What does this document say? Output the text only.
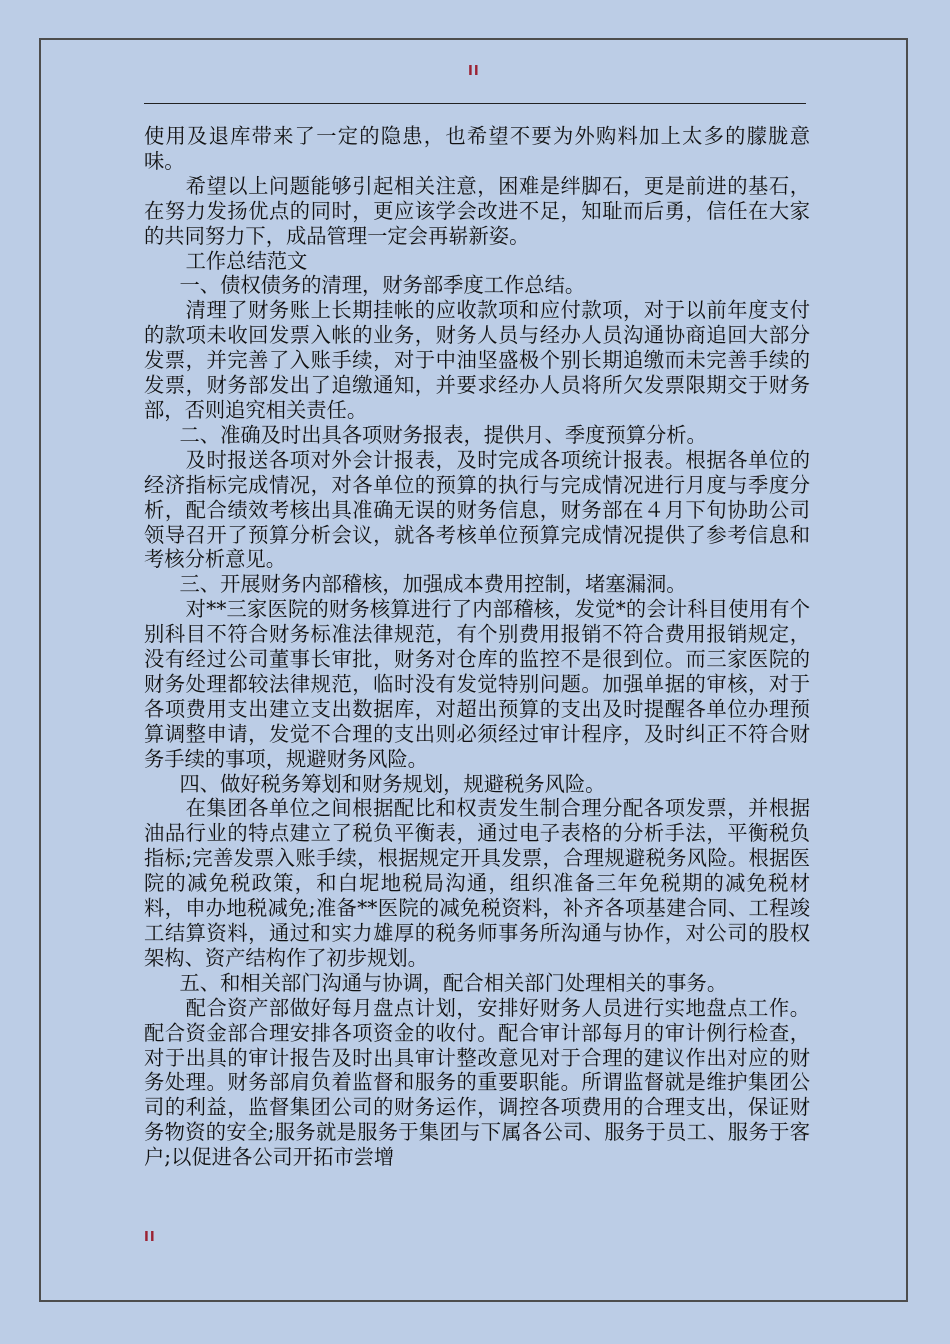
II

使用及退库带来了一定的隐患，也希望不要为外购料加上太多的朦胧意味。

希望以上问题能够引起相关注意，困难是绊脚石，更是前进的基石，在努力发扬优点的同时，更应该学会改进不足，知耻而后勇，信任在大家的共同努力下，成品管理一定会再崭新姿。

工作总结范文

一、债权债务的清理，财务部季度工作总结。

清理了财务账上长期挂帐的应收款项和应付款项，对于以前年度支付的款项未收回发票入帐的业务，财务人员与经办人员沟通协商追回大部分发票，并完善了入账手续，对于中油坚盛极个别长期追缴而未完善手续的发票，财务部发出了追缴通知，并要求经办人员将所欠发票限期交于财务部，否则追究相关责任。

二、准确及时出具各项财务报表，提供月、季度预算分析。

及时报送各项对外会计报表，及时完成各项统计报表。根据各单位的经济指标完成情况，对各单位的预算的执行与完成情况进行月度与季度分析，配合绩效考核出具准确无误的财务信息，财务部在４月下旬协助公司领导召开了预算分析会议，就各考核单位预算完成情况提供了参考信息和考核分析意见。

三、开展财务内部稽核，加强成本费用控制，堵塞漏洞。

对**三家医院的财务核算进行了内部稽核，发觉*的会计科目使用有个别科目不符合财务标准法律规范，有个别费用报销不符合费用报销规定，没有经过公司董事长审批，财务对仓库的监控不是很到位。而三家医院的财务处理都较法律规范，临时没有发觉特别问题。加强单据的审核，对于各项费用支出建立支出数据库，对超出预算的支出及时提醒各单位办理预算调整申请，发觉不合理的支出则必须经过审计程序，及时纠正不符合财务手续的事项，规避财务风险。

四、做好税务筹划和财务规划，规避税务风险。

在集团各单位之间根据配比和权责发生制合理分配各项发票，并根据油品行业的特点建立了税负平衡表，通过电子表格的分析手法，平衡税负指标;完善发票入账手续，根据规定开具发票，合理规避税务风险。根据医院的减免税政策，和白坭地税局沟通，组织准备三年免税期的减免税材料，申办地税减免;准备**医院的减免税资料，补齐各项基建合同、工程竣工结算资料，通过和实力雄厚的税务师事务所沟通与协作，对公司的股权架构、资产结构作了初步规划。

五、和相关部门沟通与协调，配合相关部门处理相关的事务。

配合资产部做好每月盘点计划，安排好财务人员进行实地盘点工作。配合资金部合理安排各项资金的收付。配合审计部每月的审计例行检查，对于出具的审计报告及时出具审计整改意见对于合理的建议作出对应的财务处理。财务部肩负着监督和服务的重要职能。所谓监督就是维护集团公司的利益，监督集团公司的财务运作，调控各项费用的合理支出，保证财务物资的安全;服务就是服务于集团与下属各公司、服务于员工、服务于客户;以促进各公司开拓市尝增

II
